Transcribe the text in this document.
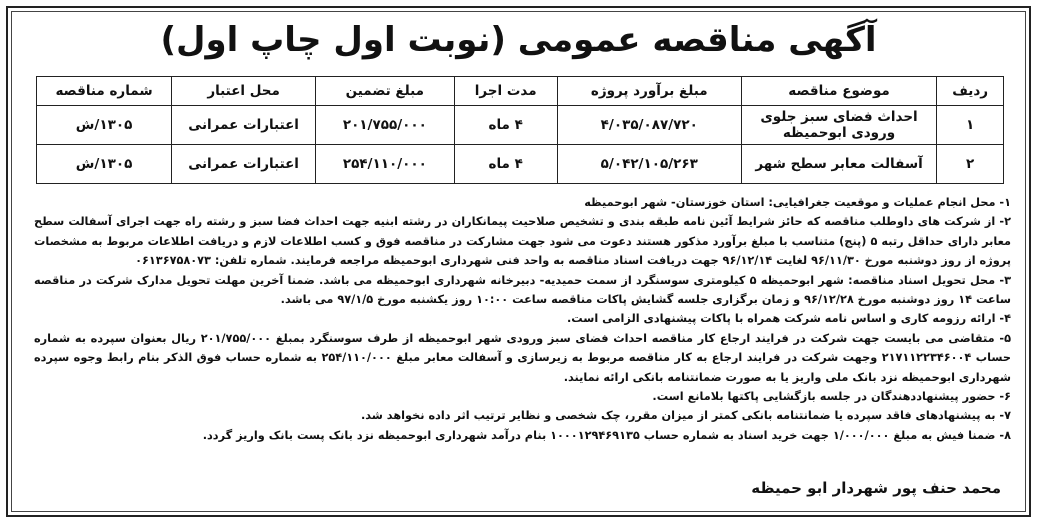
آگهی مناقصه عمومی (نوبت اول چاپ اول)
ردیف	موضوع مناقصه	مبلغ برآورد پروژه	مدت اجرا	مبلغ تضمین	محل اعتبار	شماره مناقصه
۱	احداث فضای سبز جلوی ورودی ابوحمیظه	۴/۰۳۵/۰۸۷/۷۲۰	۴ ماه	۲۰۱/۷۵۵/۰۰۰	اعتبارات عمرانی	۱۳۰۵/ش
۲	آسفالت معابر سطح شهر	۵/۰۴۲/۱۰۵/۲۶۳	۴ ماه	۲۵۴/۱۱۰/۰۰۰	اعتبارات عمرانی	۱۳۰۵/ش

۱- محل انجام عملیات و موقعیت جغرافیایی: استان خوزستان- شهر ابوحمیظه

۲- از شرکت های داوطلب مناقصه که حائز شرایط آئین نامه طبقه بندی و تشخیص صلاحیت پیمانکاران در رشته ابنیه جهت احداث فضا سبز و رشته راه جهت اجرای آسفالت سطح معابر دارای حداقل رتبه ۵ (پنج) متناسب با مبلغ برآورد مذکور هستند دعوت می شود جهت مشارکت در مناقصه فوق و کسب اطلاعات لازم و دریافت اطلاعات مربوط به مشخصات پروژه از روز دوشنبه مورخ ۹۶/۱۱/۳۰ لغایت ۹۶/۱۲/۱۴ جهت دریافت اسناد مناقصه به واحد فنی شهرداری ابوحمیظه مراجعه فرمایند. شماره تلفن: ۰۶۱۳۶۷۵۸۰۷۳

۳- محل تحویل اسناد مناقصه: شهر ابوحمیظه ۵ کیلومتری سوسنگرد از سمت حمیدیه- دبیرخانه شهرداری ابوحمیظه می باشد. ضمنا آخرین مهلت تحویل مدارک شرکت در مناقصه ساعت ۱۴ روز دوشنبه مورخ ۹۶/۱۲/۲۸ و زمان برگزاری جلسه گشایش پاکات مناقصه ساعت ۱۰:۰۰ روز یکشنبه مورخ ۹۷/۱/۵ می باشد.

۴- ارائه رزومه کاری و اساس نامه شرکت همراه با پاکات پیشنهادی الزامی است.

۵- متقاضی می بایست جهت شرکت در فرایند ارجاع کار مناقصه احداث فضای سبز ورودی شهر ابوحمیظه از طرف سوسنگرد بمبلغ ۲۰۱/۷۵۵/۰۰۰ ریال بعنوان سپرده به شماره حساب ۲۱۷۱۱۲۲۳۴۶۰۰۴ وجهت شرکت در فرایند ارجاع به کار مناقصه مربوط به زیرسازی و آسفالت معابر مبلغ ۲۵۴/۱۱۰/۰۰۰ به شماره حساب فوق الذکر بنام رابط وجوه سپرده شهرداری ابوحمیظه نزد بانک ملی واریز یا به صورت ضمانتنامه بانکی ارائه نمایند.

۶- حضور پیشنهاددهندگان در جلسه بازگشایی پاکتها بلامانع است.

۷- به پیشنهادهای فاقد سپرده یا ضمانتنامه بانکی کمتر از میزان مقرر، چک شخصی و نظایر ترتیب اثر داده نخواهد شد.

۸- ضمنا فیش به مبلغ ۱/۰۰۰/۰۰۰ جهت خرید اسناد به شماره حساب ۱۰۰۰۱۲۹۴۶۹۱۳۵ بنام درآمد شهرداری ابوحمیظه نزد بانک پست بانک واریز گردد.

محمد حنف پور شهردار ابو حمیظه
